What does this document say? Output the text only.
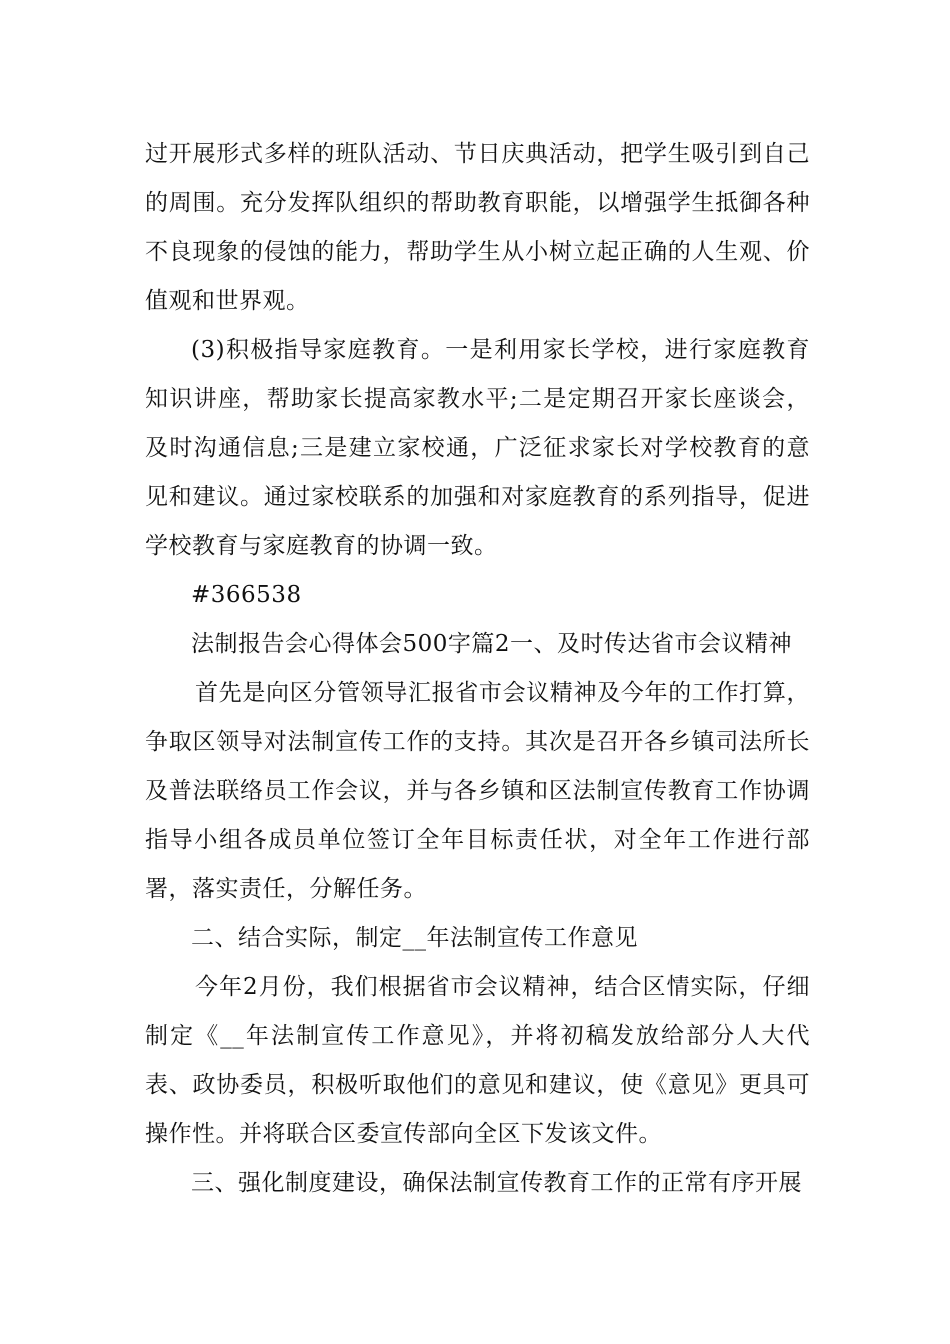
过开展形式多样的班队活动、节日庆典活动，把学生吸引到自己的周围。充分发挥队组织的帮助教育职能，以增强学生抵御各种不良现象的侵蚀的能力，帮助学生从小树立起正确的人生观、价值观和世界观。

(3)积极指导家庭教育。一是利用家长学校，进行家庭教育知识讲座，帮助家长提高家教水平;二是定期召开家长座谈会，及时沟通信息;三是建立家校通，广泛征求家长对学校教育的意见和建议。通过家校联系的加强和对家庭教育的系列指导，促进学校教育与家庭教育的协调一致。

#366538

法制报告会心得体会500字篇2一、及时传达省市会议精神

首先是向区分管领导汇报省市会议精神及今年的工作打算，争取区领导对法制宣传工作的支持。其次是召开各乡镇司法所长及普法联络员工作会议，并与各乡镇和区法制宣传教育工作协调指导小组各成员单位签订全年目标责任状，对全年工作进行部署，落实责任，分解任务。

二、结合实际，制定__年法制宣传工作意见

今年2月份，我们根据省市会议精神，结合区情实际，仔细制定《__年法制宣传工作意见》，并将初稿发放给部分人大代表、政协委员，积极听取他们的意见和建议，使《意见》更具可操作性。并将联合区委宣传部向全区下发该文件。

三、强化制度建设，确保法制宣传教育工作的正常有序开展
